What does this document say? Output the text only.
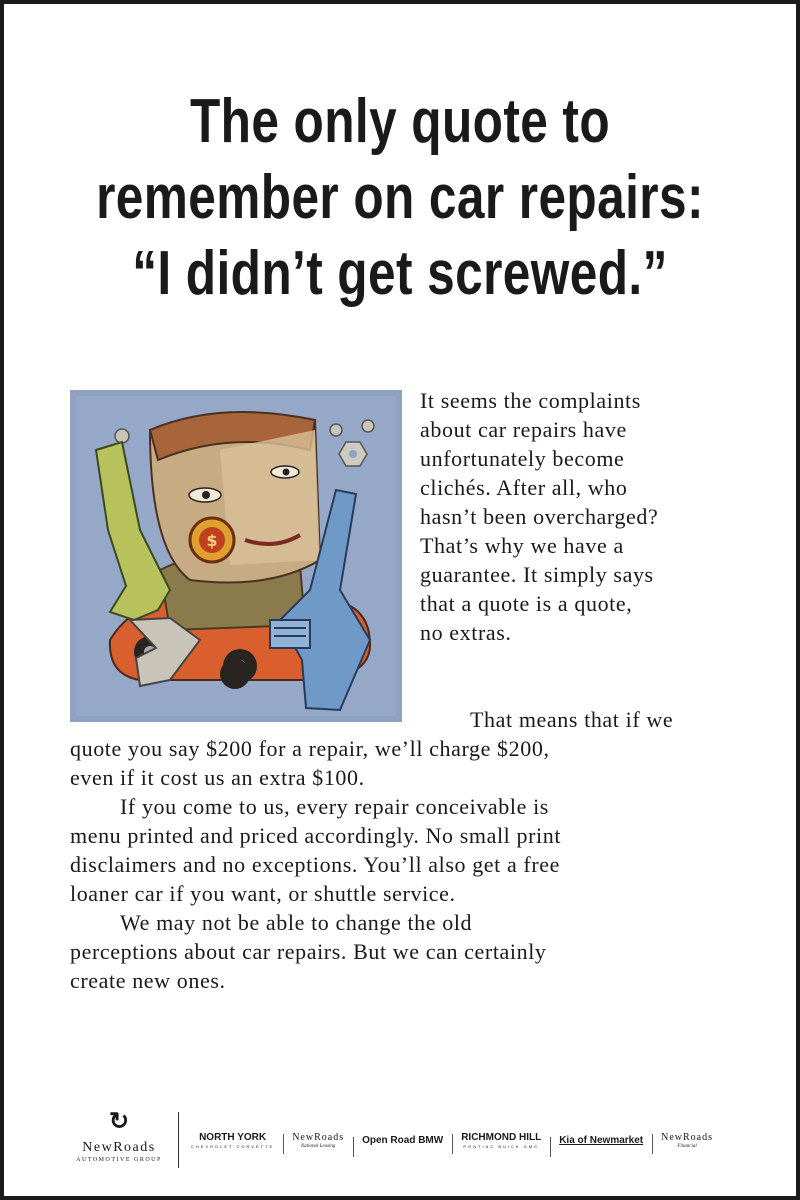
The only quote to
remember on car repairs:
“I didn’t get screwed.”
$
It seems the complaints
about car repairs have
unfortunately become
clichés. After all, who
hasn’t been overcharged?
That’s why we have a
guarantee. It simply says
that a quote is a quote,
no extras.
That means that if we
quote you say $200 for a repair, we’ll charge $200,
even if it cost us an extra $100.
If you come to us, every repair conceivable is
menu printed and priced accordingly. No small print
disclaimers and no exceptions. You’ll also get a free
loaner car if you want, or shuttle service.
We may not be able to change the old
perceptions about car repairs. But we can certainly
create new ones.
↻
NewRoads
AUTOMOTIVE GROUP
NORTH YORK
CHEVROLET CORVETTE
NewRoads
National Leasing
Open Road BMW RICHMOND HILL
PONTIAC BUICK GMC
Kia of Newmarket NewRoads
Financial
